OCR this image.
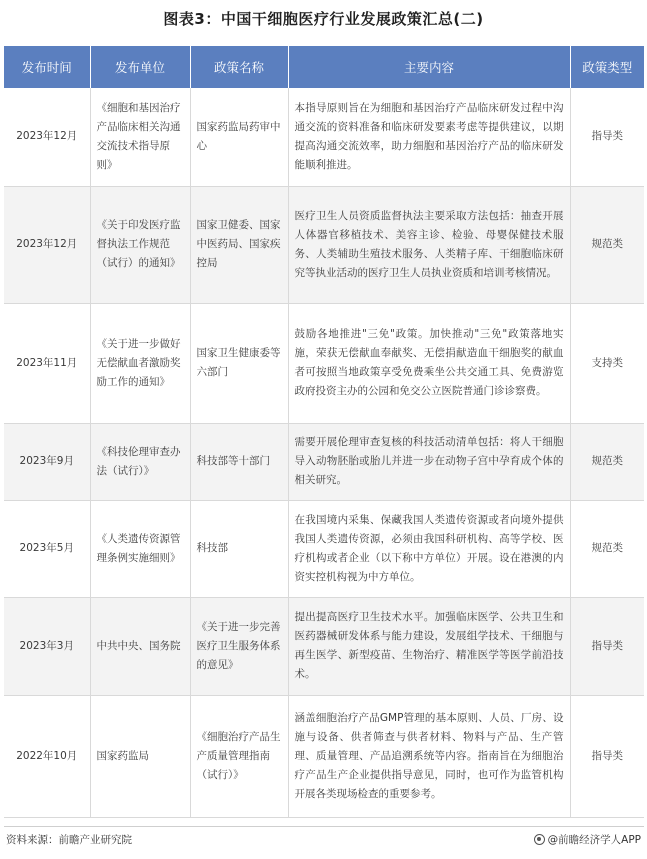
图表3：中国干细胞医疗行业发展政策汇总(二)
发布时间	发布单位	政策名称	主要内容	政策类型
2023年12月	《细胞和基因治疗产品临床相关沟通交流技术指导原则》	国家药监局药审中心	本指导原则旨在为细胞和基因治疗产品临床研发过程中沟通交流的资料准备和临床研发要素考虑等提供建议，以期提高沟通交流效率，助力细胞和基因治疗产品的临床研发能顺利推进。	指导类
2023年12月	《关于印发医疗监督执法工作规范（试行）的通知》	国家卫健委、国家中医药局、国家疾控局	医疗卫生人员资质监督执法主要采取方法包括：抽查开展人体器官移植技术、美容主诊、检验、母婴保健技术服务、人类辅助生殖技术服务、人类精子库、干细胞临床研究等执业活动的医疗卫生人员执业资质和培训考核情况。	规范类
2023年11月	《关于进一步做好无偿献血者激励奖励工作的通知》	国家卫生健康委等六部门	鼓励各地推进"三免"政策。加快推动"三免"政策落地实施，荣获无偿献血奉献奖、无偿捐献造血干细胞奖的献血者可按照当地政策享受免费乘坐公共交通工具、免费游览政府投资主办的公园和免交公立医院普通门诊诊察费。	支持类
2023年9月	《科技伦理审查办法（试行）》	科技部等十部门	需要开展伦理审查复核的科技活动清单包括：将人干细胞导入动物胚胎或胎儿并进一步在动物子宫中孕育成个体的相关研究。	规范类
2023年5月	《人类遗传资源管理条例实施细则》	科技部	在我国境内采集、保藏我国人类遗传资源或者向境外提供我国人类遗传资源，必须由我国科研机构、高等学校、医疗机构或者企业（以下称中方单位）开展。设在港澳的内资实控机构视为中方单位。	规范类
2023年3月	中共中央、国务院	《关于进一步完善医疗卫生服务体系的意见》	提出提高医疗卫生技术水平。加强临床医学、公共卫生和医药器械研发体系与能力建设，发展组学技术、干细胞与再生医学、新型疫苗、生物治疗、精准医学等医学前沿技术。	指导类
2022年10月	国家药监局	《细胞治疗产品生产质量管理指南（试行）》	涵盖细胞治疗产品GMP管理的基本原则、人员、厂房、设施与设备、供者筛查与供者材料、物料与产品、生产管理、质量管理、产品追溯系统等内容。指南旨在为细胞治疗产品生产企业提供指导意见，同时，也可作为监管机构开展各类现场检查的重要参考。	指导类
资料来源：前瞻产业研究院	@前瞻经济学人APP
